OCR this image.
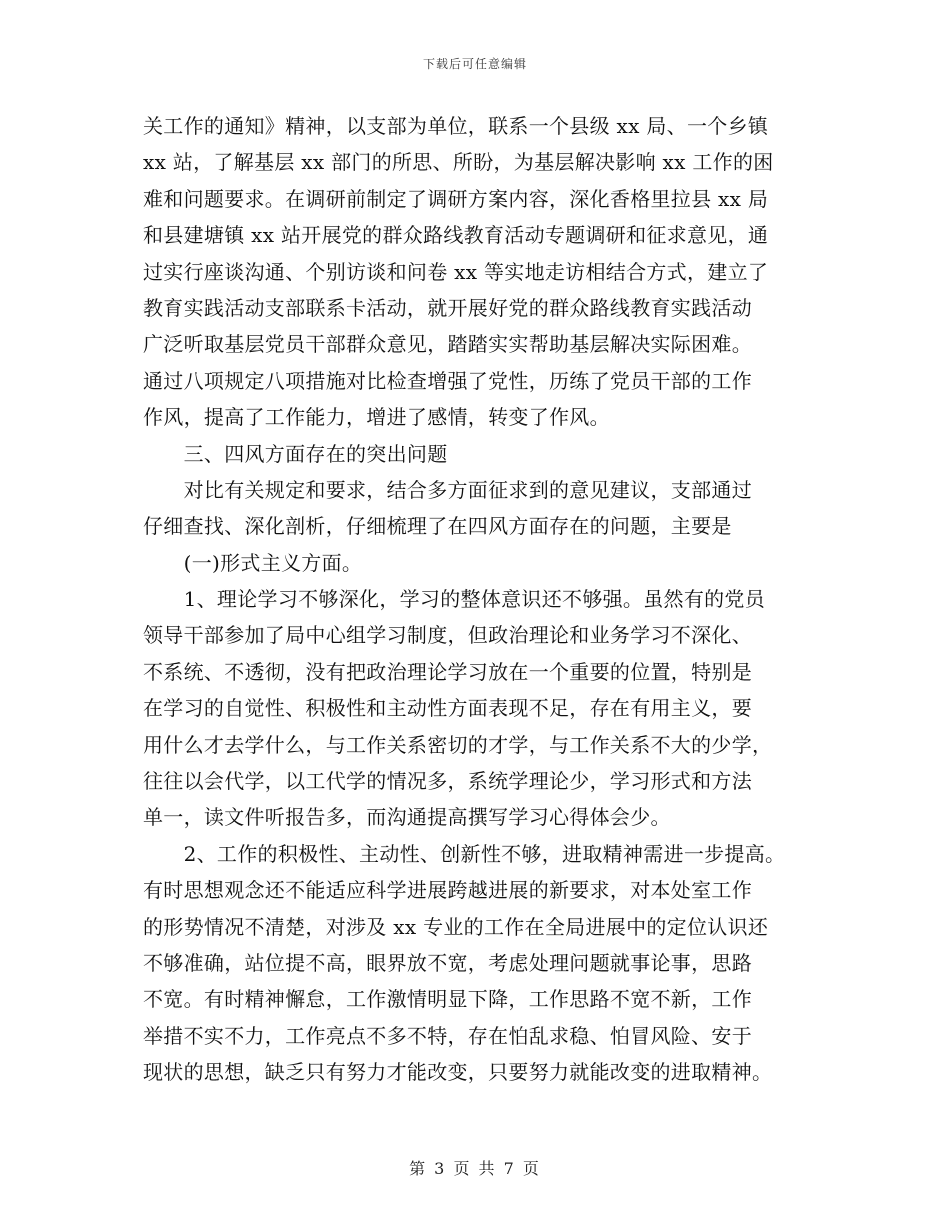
下载后可任意编辑
关工作的通知》精神，以支部为单位，联系一个县级 xx 局、一个乡镇
xx 站，了解基层 xx 部门的所思、所盼，为基层解决影响 xx 工作的困
难和问题要求。在调研前制定了调研方案内容，深化香格里拉县 xx 局
和县建塘镇 xx 站开展党的群众路线教育活动专题调研和征求意见，通
过实行座谈沟通、个别访谈和问卷 xx 等实地走访相结合方式，建立了
教育实践活动支部联系卡活动，就开展好党的群众路线教育实践活动
广泛听取基层党员干部群众意见，踏踏实实帮助基层解决实际困难。
通过八项规定八项措施对比检查增强了党性，历练了党员干部的工作
作风，提高了工作能力，增进了感情，转变了作风。
　　三、四风方面存在的突出问题
　　对比有关规定和要求，结合多方面征求到的意见建议，支部通过
仔细查找、深化剖析，仔细梳理了在四风方面存在的问题，主要是
　　(一)形式主义方面。
　　1、理论学习不够深化，学习的整体意识还不够强。虽然有的党员
领导干部参加了局中心组学习制度，但政治理论和业务学习不深化、
不系统、不透彻，没有把政治理论学习放在一个重要的位置，特别是
在学习的自觉性、积极性和主动性方面表现不足，存在有用主义，要
用什么才去学什么，与工作关系密切的才学，与工作关系不大的少学，
往往以会代学，以工代学的情况多，系统学理论少，学习形式和方法
单一，读文件听报告多，而沟通提高撰写学习心得体会少。
　　2、工作的积极性、主动性、创新性不够，进取精神需进一步提高。
有时思想观念还不能适应科学进展跨越进展的新要求，对本处室工作
的形势情况不清楚，对涉及 xx 专业的工作在全局进展中的定位认识还
不够准确，站位提不高，眼界放不宽，考虑处理问题就事论事，思路
不宽。有时精神懈怠，工作激情明显下降，工作思路不宽不新，工作
举措不实不力，工作亮点不多不特，存在怕乱求稳、怕冒风险、安于
现状的思想，缺乏只有努力才能改变，只要努力就能改变的进取精神。
第 3 页 共 7 页
